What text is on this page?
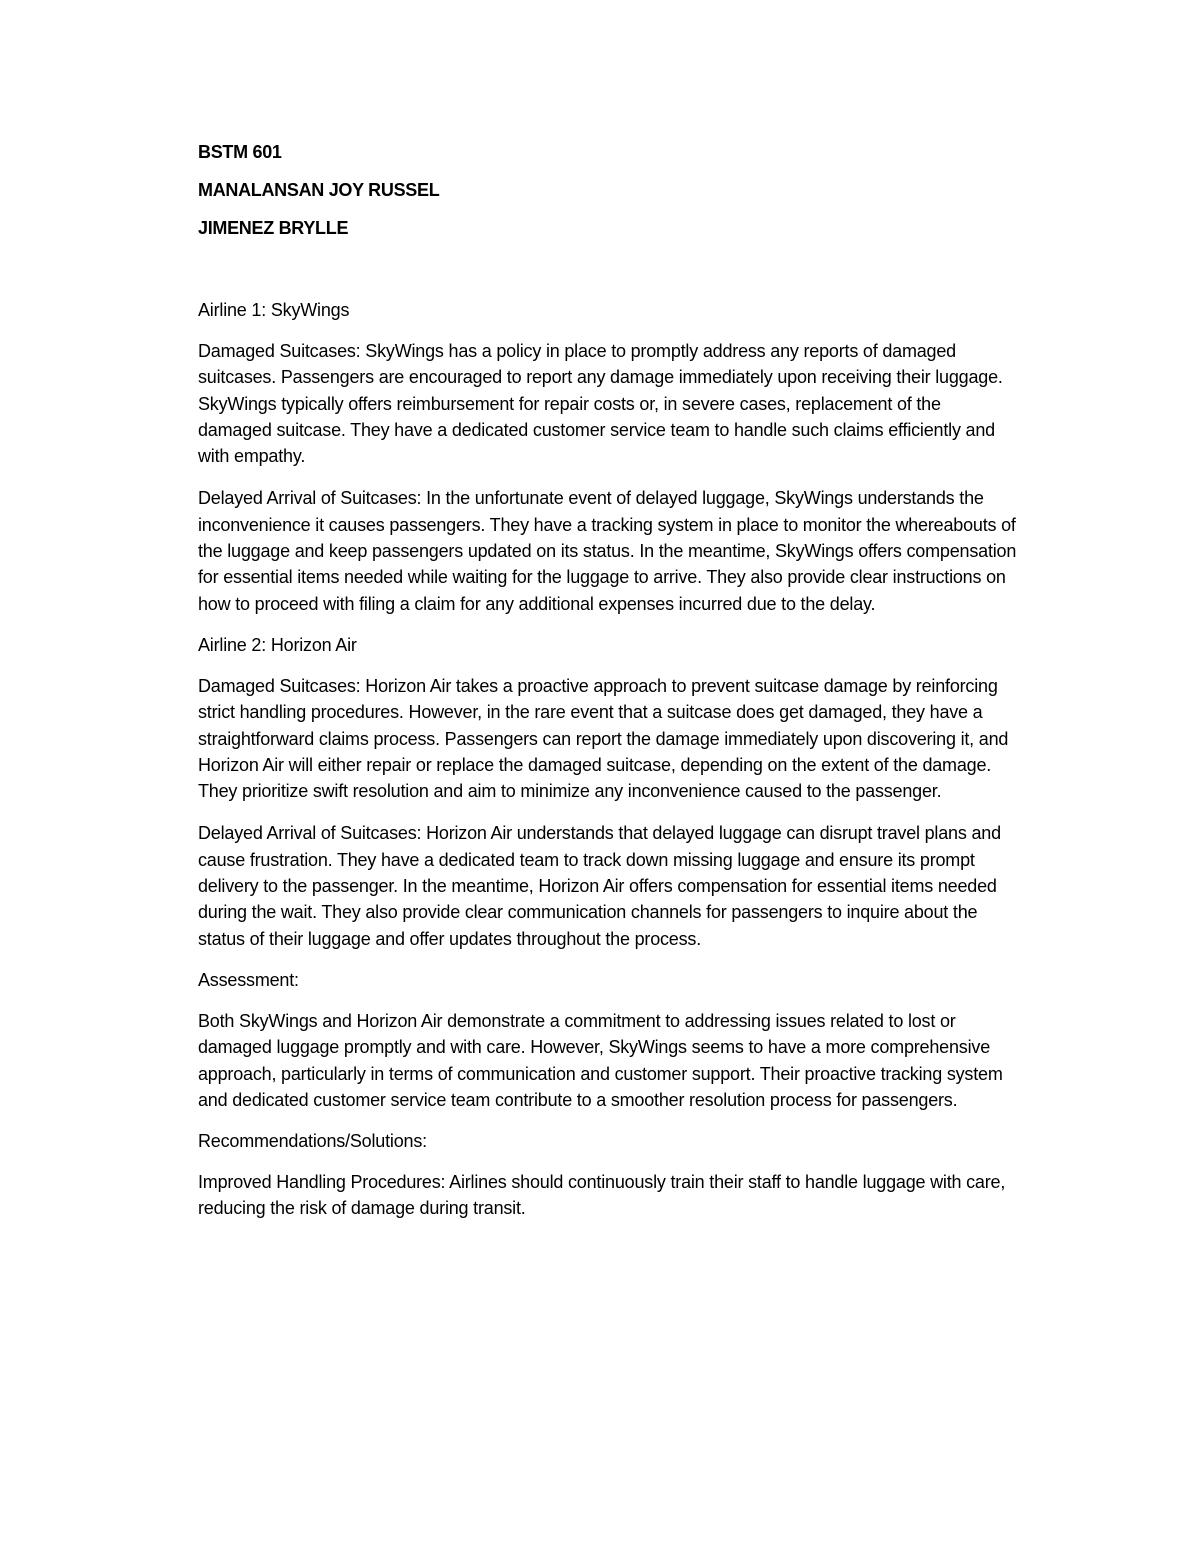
BSTM 601
MANALANSAN JOY RUSSEL
JIMENEZ BRYLLE
Airline 1: SkyWings
Damaged Suitcases: SkyWings has a policy in place to promptly address any reports of damaged suitcases. Passengers are encouraged to report any damage immediately upon receiving their luggage. SkyWings typically offers reimbursement for repair costs or, in severe cases, replacement of the damaged suitcase. They have a dedicated customer service team to handle such claims efficiently and with empathy.
Delayed Arrival of Suitcases: In the unfortunate event of delayed luggage, SkyWings understands the inconvenience it causes passengers. They have a tracking system in place to monitor the whereabouts of the luggage and keep passengers updated on its status. In the meantime, SkyWings offers compensation for essential items needed while waiting for the luggage to arrive. They also provide clear instructions on how to proceed with filing a claim for any additional expenses incurred due to the delay.
Airline 2: Horizon Air
Damaged Suitcases: Horizon Air takes a proactive approach to prevent suitcase damage by reinforcing strict handling procedures. However, in the rare event that a suitcase does get damaged, they have a straightforward claims process. Passengers can report the damage immediately upon discovering it, and Horizon Air will either repair or replace the damaged suitcase, depending on the extent of the damage. They prioritize swift resolution and aim to minimize any inconvenience caused to the passenger.
Delayed Arrival of Suitcases: Horizon Air understands that delayed luggage can disrupt travel plans and cause frustration. They have a dedicated team to track down missing luggage and ensure its prompt delivery to the passenger. In the meantime, Horizon Air offers compensation for essential items needed during the wait. They also provide clear communication channels for passengers to inquire about the status of their luggage and offer updates throughout the process.
Assessment:
Both SkyWings and Horizon Air demonstrate a commitment to addressing issues related to lost or damaged luggage promptly and with care. However, SkyWings seems to have a more comprehensive approach, particularly in terms of communication and customer support. Their proactive tracking system and dedicated customer service team contribute to a smoother resolution process for passengers.
Recommendations/Solutions:
Improved Handling Procedures: Airlines should continuously train their staff to handle luggage with care, reducing the risk of damage during transit.
